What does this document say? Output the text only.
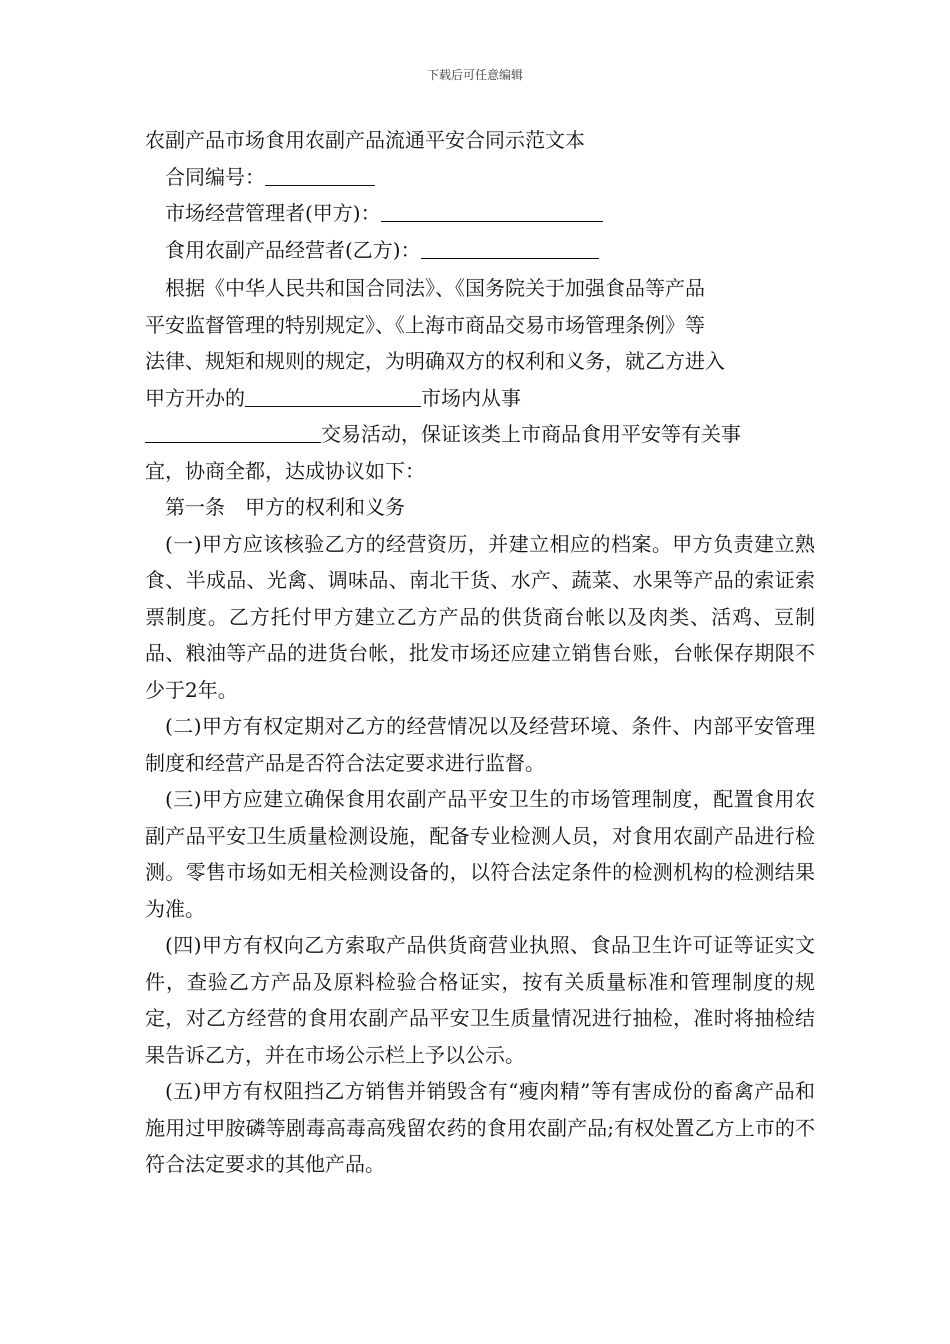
下载后可任意编辑
农副产品市场食用农副产品流通平安合同示范文本
合同编号：
市场经营管理者(甲方)：
食用农副产品经营者(乙方)：
根据《中华人民共和国合同法》、《国务院关于加强食品等产品
平安监督管理的特别规定》、《上海市商品交易市场管理条例》等
法律、规矩和规则的规定，为明确双方的权利和义务，就乙方进入
甲方开办的	市场内从事
交易活动，保证该类上市商品食用平安等有关事
宜，协商全都，达成协议如下：
第一条　甲方的权利和义务

(一)甲方应该核验乙方的经营资历，并建立相应的档案。甲方负责建立熟食、半成品、光禽、调味品、南北干货、水产、蔬菜、水果等产品的索证索票制度。乙方托付甲方建立乙方产品的供货商台帐以及肉类、活鸡、豆制品、粮油等产品的进货台帐，批发市场还应建立销售台账，台帐保存期限不少于2年。

(二)甲方有权定期对乙方的经营情况以及经营环境、条件、内部平安管理制度和经营产品是否符合法定要求进行监督。

(三)甲方应建立确保食用农副产品平安卫生的市场管理制度，配置食用农副产品平安卫生质量检测设施，配备专业检测人员，对食用农副产品进行检测。零售市场如无相关检测设备的，以符合法定条件的检测机构的检测结果为准。

(四)甲方有权向乙方索取产品供货商营业执照、食品卫生许可证等证实文件，查验乙方产品及原料检验合格证实，按有关质量标准和管理制度的规定，对乙方经营的食用农副产品平安卫生质量情况进行抽检，准时将抽检结果告诉乙方，并在市场公示栏上予以公示。

(五)甲方有权阻挡乙方销售并销毁含有“瘦肉精”等有害成份的畜禽产品和施用过甲胺磷等剧毒高毒高残留农药的食用农副产品;有权处置乙方上市的不符合法定要求的其他产品。
